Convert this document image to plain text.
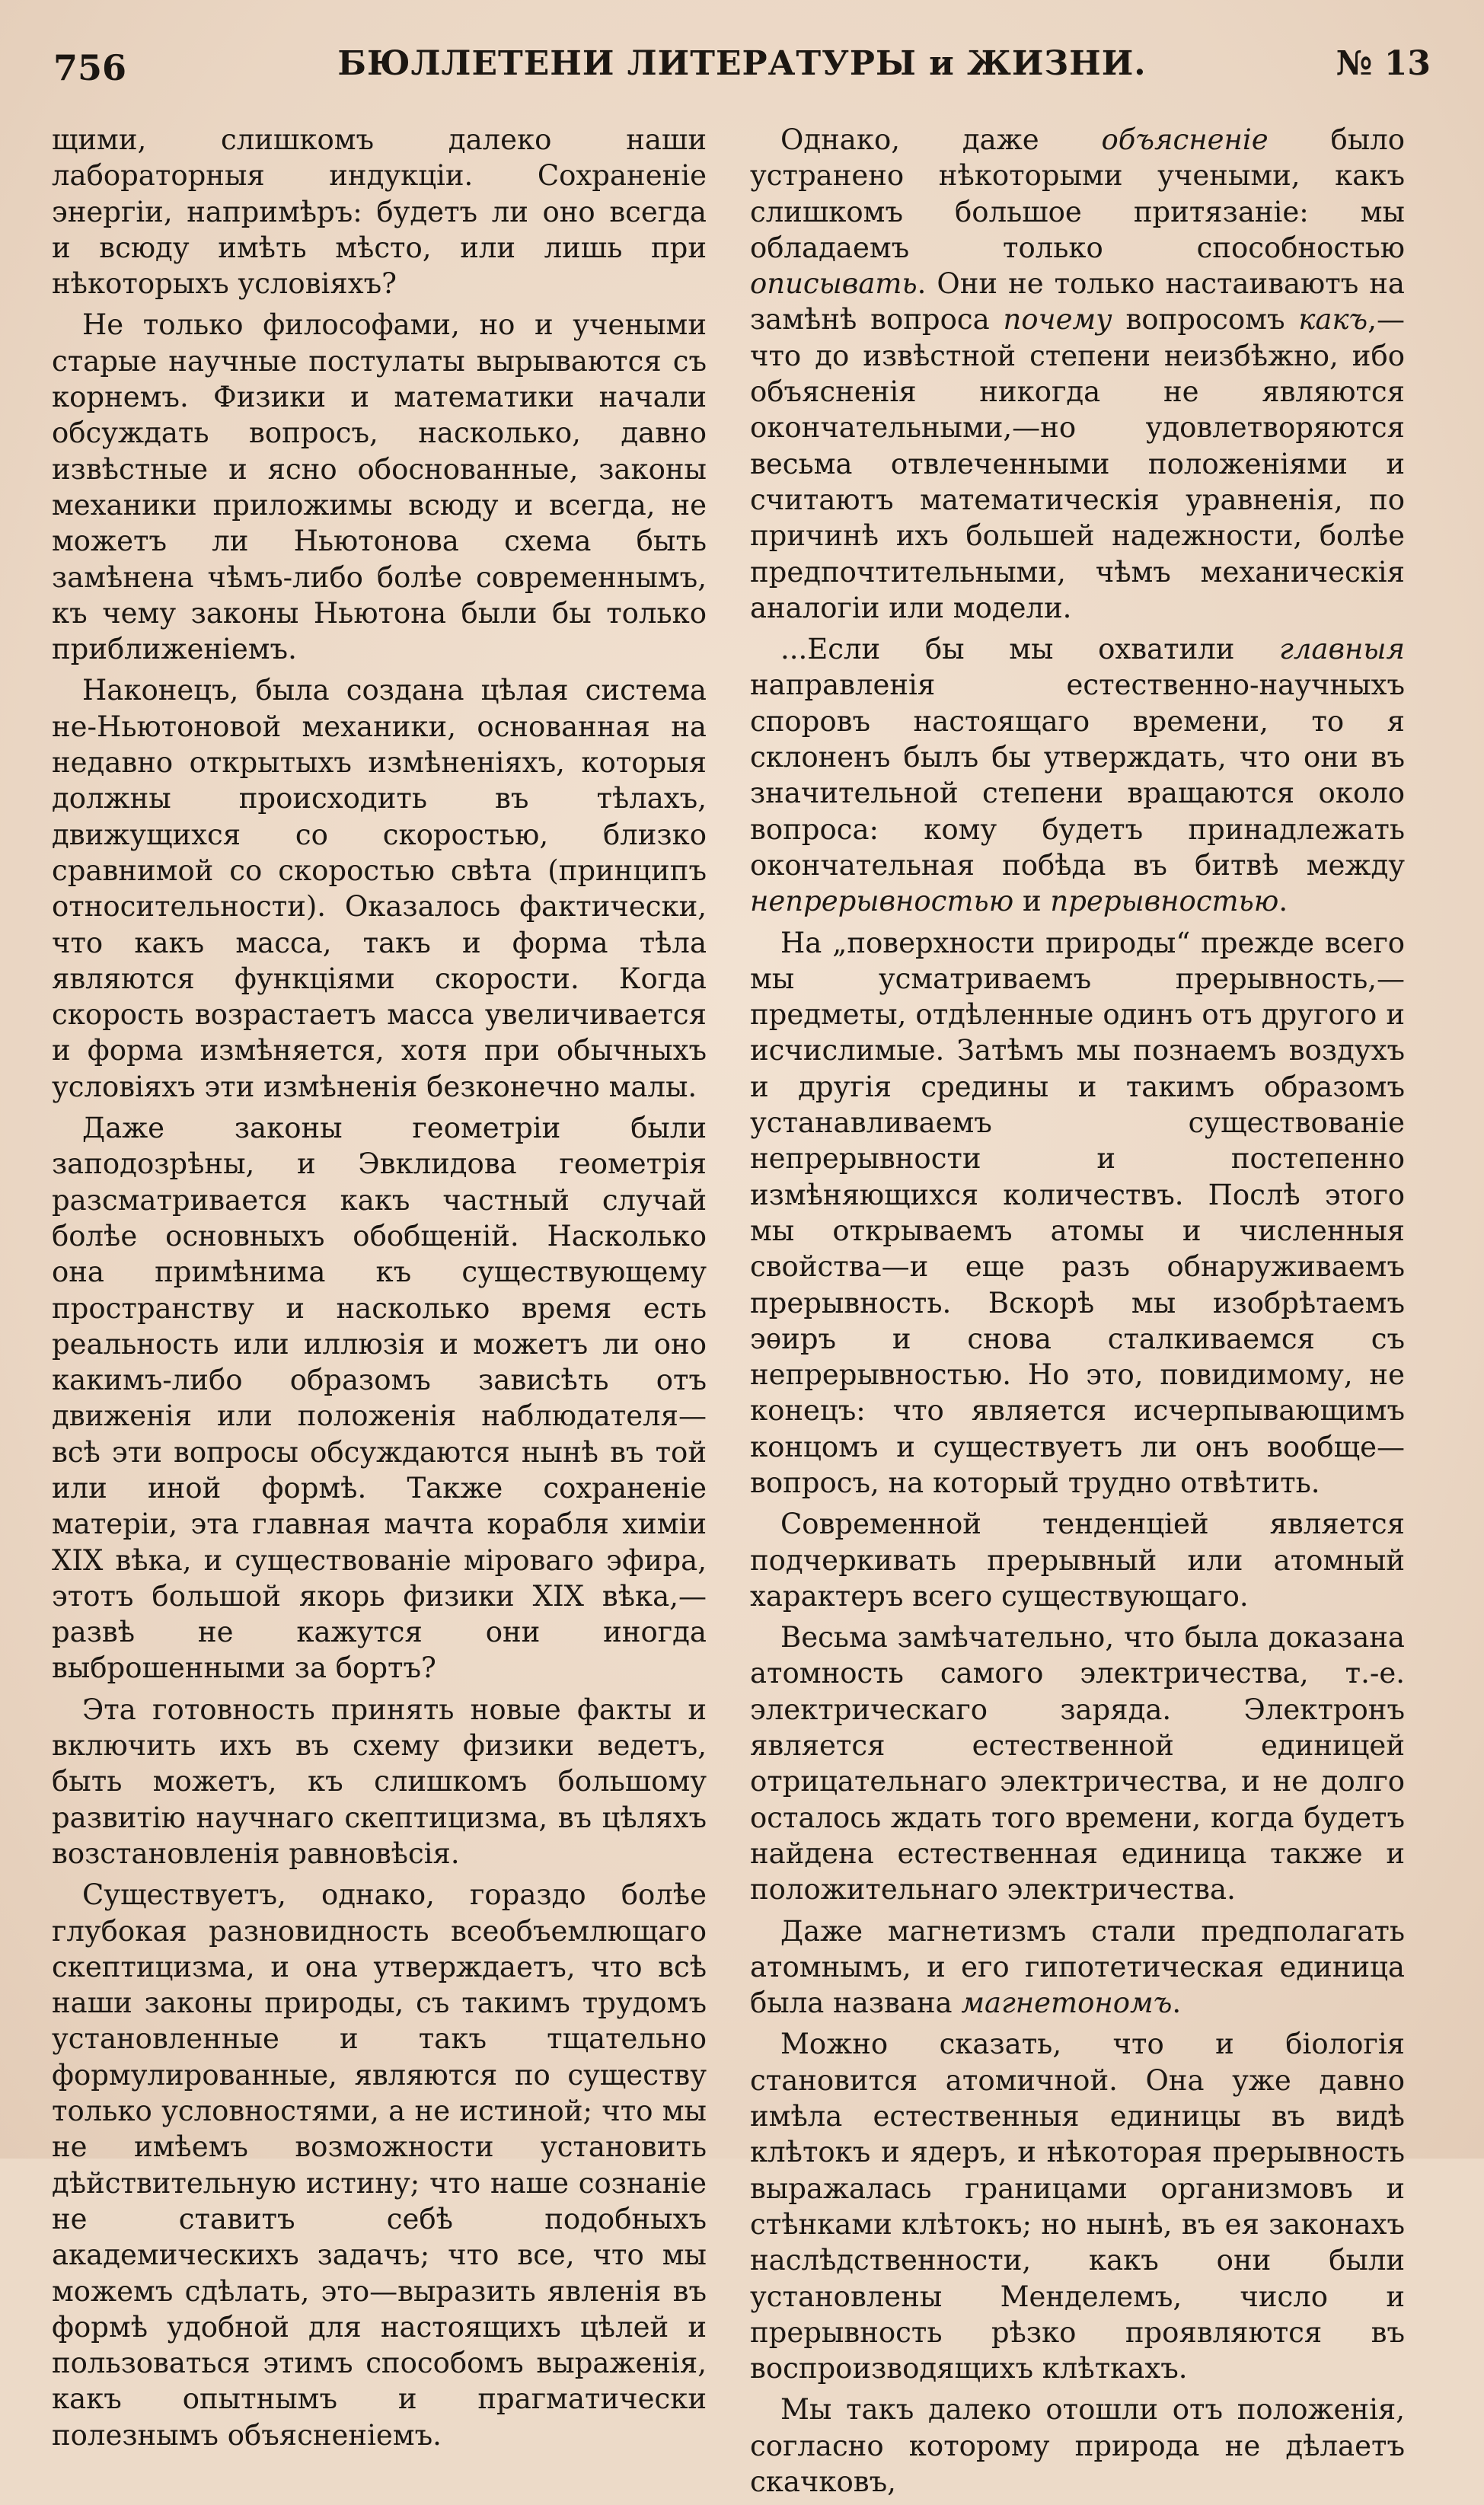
756	БЮЛЛЕТЕНИ ЛИТЕРАТУРЫ и ЖИЗНИ.	№ 13

щими, слишкомъ далеко наши лабораторныя индукціи. Сохраненіе энергіи, напримѣръ: будетъ ли оно всегда и всюду имѣть мѣсто, или лишь при нѣкоторыхъ условіяхъ?

Не только философами, но и учеными старые научные постулаты вырываются съ корнемъ. Физики и математики начали обсуждать вопросъ, насколько, давно извѣстные и ясно обоснованные, законы механики приложимы всюду и всегда, не можетъ ли Ньютонова схема быть замѣнена чѣмъ-либо болѣе современнымъ, къ чему законы Ньютона были бы только приближеніемъ.

Наконецъ, была создана цѣлая система не-Ньютоновой механики, основанная на недавно открытыхъ измѣненіяхъ, которыя должны происходить въ тѣлахъ, движущихся со скоростью, близко сравнимой со скоростью свѣта (принципъ относительности). Оказалось фактически, что какъ масса, такъ и форма тѣла являются функціями скорости. Когда скорость возрастаетъ масса увеличивается и форма измѣняется, хотя при обычныхъ условіяхъ эти измѣненія безконечно малы.

Даже законы геометріи были заподозрѣны, и Эвклидова геометрія разсматривается какъ частный случай болѣе основныхъ обобщеній. Насколько она примѣнима къ существующему пространству и насколько время есть реальность или иллюзія и можетъ ли оно какимъ-либо образомъ зависѣть отъ движенія или положенія наблюдателя—всѣ эти вопросы обсуждаются нынѣ въ той или иной формѣ. Также сохраненіе матеріи, эта главная мачта корабля химіи XIX вѣка, и существованіе міроваго эфира, этотъ большой якорь физики XIX вѣка,—развѣ не кажутся они иногда выброшенными за бортъ?

Эта готовность принять новые факты и включить ихъ въ схему физики ведетъ, быть можетъ, къ слишкомъ большому развитію научнаго скептицизма, въ цѣляхъ возстановленія равновѣсія.

Существуетъ, однако, гораздо болѣе глубокая разновидность всеобъемлющаго скептицизма, и она утверждаетъ, что всѣ наши законы природы, съ такимъ трудомъ установленные и такъ тщательно формулированные, являются по существу только условностями, а не истиной; что мы не имѣемъ возможности установить дѣйствительную истину; что наше сознаніе не ставитъ себѣ подобныхъ академическихъ задачъ; что все, что мы можемъ сдѣлать, это—выразить явленія въ формѣ удобной для настоящихъ цѣлей и пользоваться этимъ способомъ выраженія, какъ опытнымъ и прагматически полезнымъ объясненіемъ.

Однако, даже объясненіе было устранено нѣкоторыми учеными, какъ слишкомъ большое притязаніе: мы обладаемъ только способностью описывать. Они не только настаиваютъ на замѣнѣ вопроса почему вопросомъ какъ,—что до извѣстной степени неизбѣжно, ибо объясненія никогда не являются окончательными,—но удовлетворяются весьма отвлеченными положеніями и считаютъ математическія уравненія, по причинѣ ихъ большей надежности, болѣе предпочтительными, чѣмъ механическія аналогіи или модели.

...Если бы мы охватили главныя направленія естественно-научныхъ споровъ настоящаго времени, то я склоненъ былъ бы утверждать, что они въ значительной степени вращаются около вопроса: кому будетъ принадлежать окончательная побѣда въ битвѣ между непрерывностью и прерывностью.

На „поверхности природы“ прежде всего мы усматриваемъ прерывность,—предметы, отдѣленные одинъ отъ другого и исчислимые. Затѣмъ мы познаемъ воздухъ и другія средины и такимъ образомъ устанавливаемъ существованіе непрерывности и постепенно измѣняющихся количествъ. Послѣ этого мы открываемъ атомы и численныя свойства—и еще разъ обнаруживаемъ прерывность. Вскорѣ мы изобрѣтаемъ эѳиръ и снова сталкиваемся съ непрерывностью. Но это, повидимому, не конецъ: что является исчерпывающимъ концомъ и существуетъ ли онъ вообще—вопросъ, на который трудно отвѣтить.

Современной тенденціей является подчеркивать прерывный или атомный характеръ всего существующаго.

Весьма замѣчательно, что была доказана атомность самого электричества, т.-е. электрическаго заряда. Электронъ является естественной единицей отрицательнаго электричества, и не долго осталось ждать того времени, когда будетъ найдена естественная единица также и положительнаго электричества.

Даже магнетизмъ стали предполагать атомнымъ, и его гипотетическая единица была названа магнетономъ.

Можно сказать, что и біологія становится атомичной. Она уже давно имѣла естественныя единицы въ видѣ клѣтокъ и ядеръ, и нѣкоторая прерывность выражалась границами организмовъ и стѣнками клѣтокъ; но нынѣ, въ ея законахъ наслѣдственности, какъ они были установлены Менделемъ, число и прерывность рѣзко проявляются въ воспроизводящихъ клѣткахъ.

Мы такъ далеко отошли отъ положенія, согласно которому природа не дѣлаетъ скачковъ,
